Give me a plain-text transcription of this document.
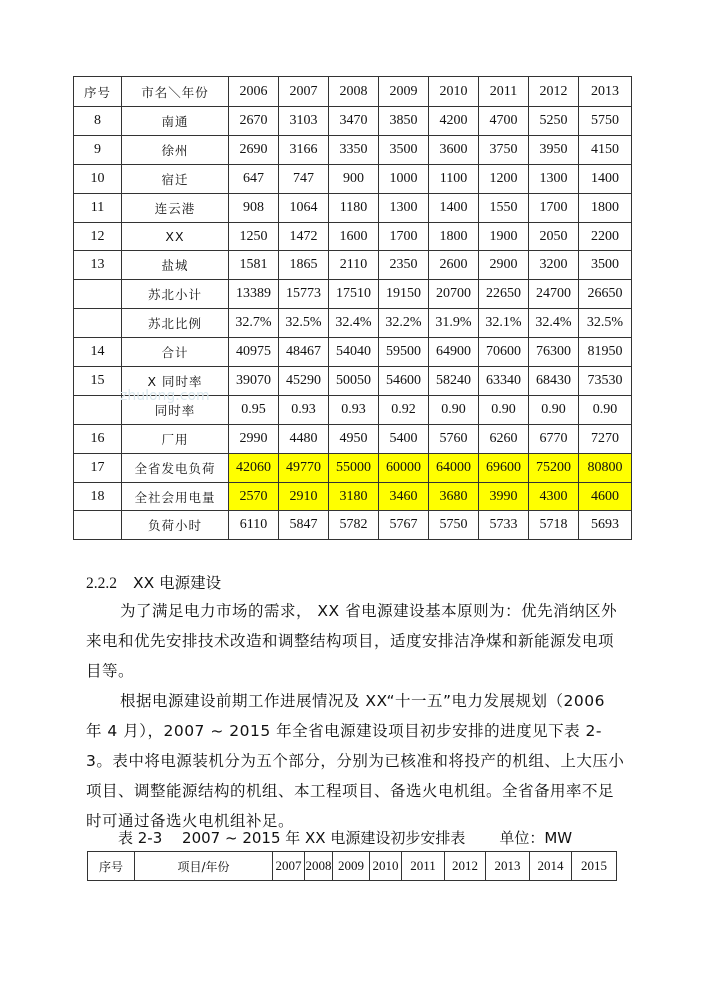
序号	市名＼年份	2006	2007	2008	2009	2010	2011	2012	2013
8	南通	2670	3103	3470	3850	4200	4700	5250	5750
9	徐州	2690	3166	3350	3500	3600	3750	3950	4150
10	宿迁	647	747	900	1000	1100	1200	1300	1400
11	连云港	908	1064	1180	1300	1400	1550	1700	1800
12	XX	1250	1472	1600	1700	1800	1900	2050	2200
13	盐城	1581	1865	2110	2350	2600	2900	3200	3500
	苏北小计	13389	15773	17510	19150	20700	22650	24700	26650
	苏北比例	32.7%	32.5%	32.4%	32.2%	31.9%	32.1%	32.4%	32.5%
14	合计	40975	48467	54040	59500	64900	70600	76300	81950
15	X 同时率	39070	45290	50050	54600	58240	63340	68430	73530
	同时率	0.95	0.93	0.93	0.92	0.90	0.90	0.90	0.90
16	厂用	2990	4480	4950	5400	5760	6260	6770	7270
17	全省发电负荷	42060	49770	55000	60000	64000	69600	75200	80800
18	全社会用电量	2570	2910	3180	3460	3680	3990	4300	4600
	负荷小时	6110	5847	5782	5767	5750	5733	5718	5693
zhulong.com
2.2.2 XX 电源建设
为了满足电力市场的需求， XX 省电源建设基本原则为：优先消纳区外来电和优先安排技术改造和调整结构项目，适度安排洁净煤和新能源发电项目等。
根据电源建设前期工作进展情况及 XX“十一五”电力发展规划（2006 年 4 月），2007 ~ 2015 年全省电源建设项目初步安排的进度见下表 2-3。表中将电源装机分为五个部分，分别为已核准和将投产的机组、上大压小项目、调整能源结构的机组、本工程项目、备选火电机组。全省备用率不足时可通过备选火电机组补足。
表 2-3　 2007 ~ 2015 年 XX 电源建设初步安排表 单位：MW
序号	项目/年份	2007	2008	2009	2010	2011	2012	2013	2014	2015
